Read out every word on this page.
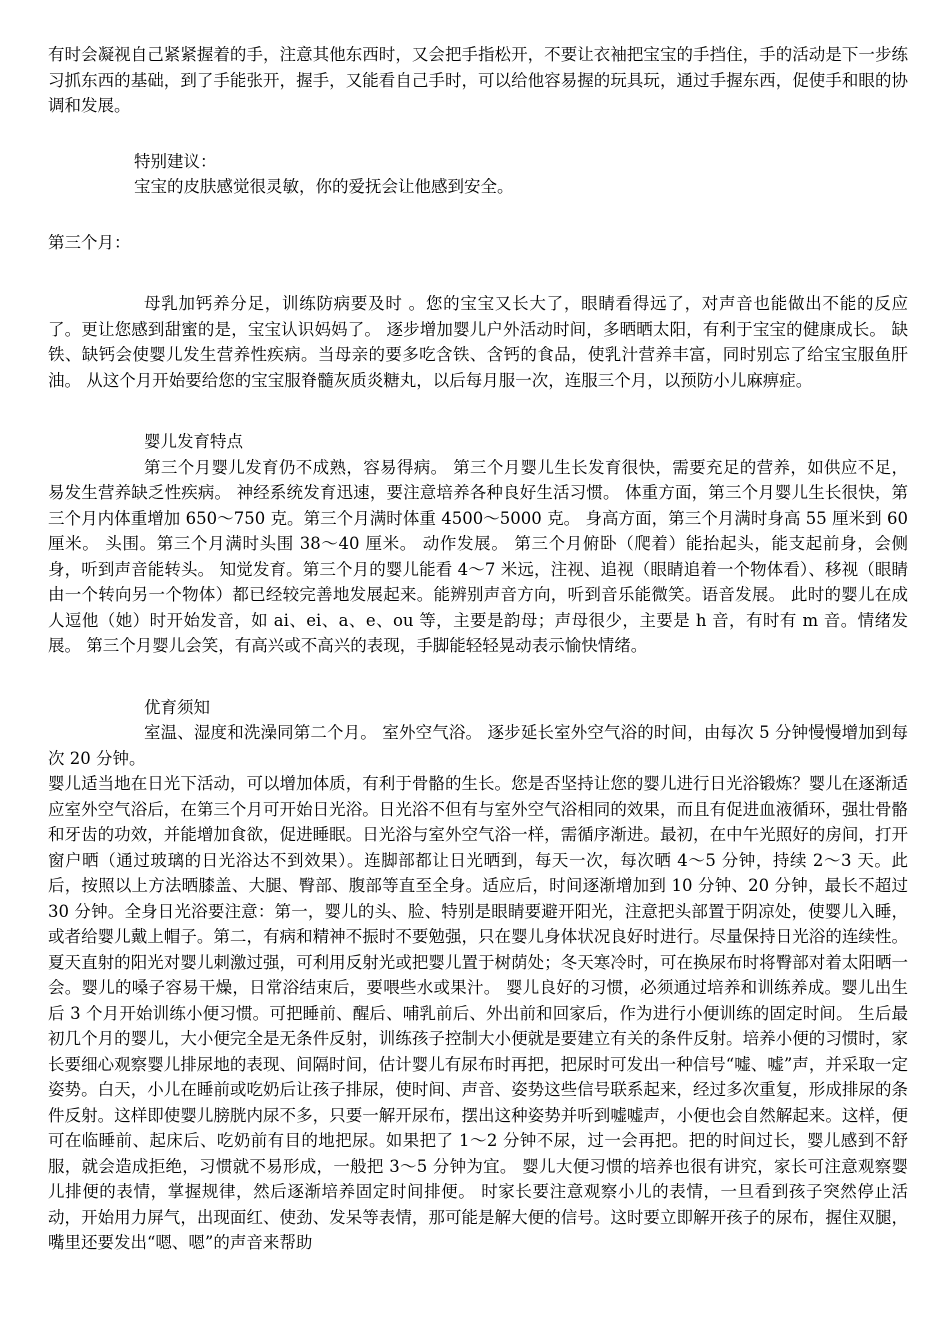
有时会凝视自己紧紧握着的手，注意其他东西时，又会把手指松开，不要让衣袖把宝宝的手挡住，手的活动是下一步练习抓东西的基础，到了手能张开，握手，又能看自己手时，可以给他容易握的玩具玩，通过手握东西，促使手和眼的协调和发展。

特别建议：

宝宝的皮肤感觉很灵敏，你的爱抚会让他感到安全。

第三个月：

母乳加钙养分足，训练防病要及时 。您的宝宝又长大了，眼睛看得远了，对声音也能做出不能的反应了。更让您感到甜蜜的是，宝宝认识妈妈了。 逐步增加婴儿户外活动时间，多晒晒太阳，有利于宝宝的健康成长。 缺铁、缺钙会使婴儿发生营养性疾病。当母亲的要多吃含铁、含钙的食品，使乳汁营养丰富，同时别忘了给宝宝服鱼肝油。 从这个月开始要给您的宝宝服脊髓灰质炎糖丸，以后每月服一次，连服三个月，以预防小儿麻痹症。

婴儿发育特点

第三个月婴儿发育仍不成熟，容易得病。 第三个月婴儿生长发育很快，需要充足的营养，如供应不足，易发生营养缺乏性疾病。 神经系统发育迅速，要注意培养各种良好生活习惯。 体重方面，第三个月婴儿生长很快，第三个月内体重增加 650～750 克。第三个月满时体重 4500～5000 克。 身高方面，第三个月满时身高 55 厘米到 60 厘米。 头围。第三个月满时头围 38～40 厘米。 动作发展。 第三个月俯卧（爬着）能抬起头，能支起前身，会侧身，听到声音能转头。 知觉发育。第三个月的婴儿能看 4～7 米远，注视、追视（眼睛追着一个物体看）、移视（眼睛由一个转向另一个物体）都已经较完善地发展起来。能辨别声音方向，听到音乐能微笑。语音发展。 此时的婴儿在成人逗他（她）时开始发音，如 ai、ei、a、e、ou 等，主要是韵母；声母很少，主要是 h 音，有时有 m 音。情绪发展。 第三个月婴儿会笑，有高兴或不高兴的表现，手脚能轻轻晃动表示愉快情绪。

优育须知

室温、湿度和洗澡同第二个月。 室外空气浴。 逐步延长室外空气浴的时间，由每次 5 分钟慢慢增加到每次 20 分钟。

婴儿适当地在日光下活动，可以增加体质，有利于骨骼的生长。您是否坚持让您的婴儿进行日光浴锻炼？婴儿在逐渐适应室外空气浴后，在第三个月可开始日光浴。日光浴不但有与室外空气浴相同的效果，而且有促进血液循环，强壮骨骼和牙齿的功效，并能增加食欲，促进睡眠。日光浴与室外空气浴一样，需循序渐进。最初，在中午光照好的房间，打开窗户晒（通过玻璃的日光浴达不到效果）。连脚部都让日光晒到，每天一次，每次晒 4～5 分钟，持续 2～3 天。此后，按照以上方法晒膝盖、大腿、臀部、腹部等直至全身。适应后，时间逐渐增加到 10 分钟、20 分钟，最长不超过 30 分钟。全身日光浴要注意：第一，婴儿的头、脸、特别是眼睛要避开阳光，注意把头部置于阴凉处，使婴儿入睡，或者给婴儿戴上帽子。第二，有病和精神不振时不要勉强，只在婴儿身体状况良好时进行。尽量保持日光浴的连续性。夏天直射的阳光对婴儿刺激过强，可利用反射光或把婴儿置于树荫处；冬天寒冷时，可在换尿布时将臀部对着太阳晒一会。婴儿的嗓子容易干燥，日常浴结束后，要喂些水或果汁。 婴儿良好的习惯，必须通过培养和训练养成。婴儿出生后 3 个月开始训练小便习惯。可把睡前、醒后、哺乳前后、外出前和回家后，作为进行小便训练的固定时间。 生后最初几个月的婴儿，大小便完全是无条件反射，训练孩子控制大小便就是要建立有关的条件反射。培养小便的习惯时，家长要细心观察婴儿排尿地的表现、间隔时间，估计婴儿有尿布时再把，把尿时可发出一种信号“嘘、嘘”声，并采取一定姿势。白天，小儿在睡前或吃奶后让孩子排尿，使时间、声音、姿势这些信号联系起来，经过多次重复，形成排尿的条件反射。这样即使婴儿膀胱内尿不多，只要一解开尿布，摆出这种姿势并听到嘘嘘声，小便也会自然解起来。这样，便可在临睡前、起床后、吃奶前有目的地把尿。如果把了 1～2 分钟不尿，过一会再把。把的时间过长，婴儿感到不舒服，就会造成拒绝，习惯就不易形成，一般把 3～5 分钟为宜。 婴儿大便习惯的培养也很有讲究，家长可注意观察婴儿排便的表情，掌握规律，然后逐渐培养固定时间排便。 时家长要注意观察小儿的表情，一旦看到孩子突然停止活动，开始用力屏气，出现面红、使劲、发呆等表情，那可能是解大便的信号。这时要立即解开孩子的尿布，握住双腿，嘴里还要发出“嗯、嗯”的声音来帮助
